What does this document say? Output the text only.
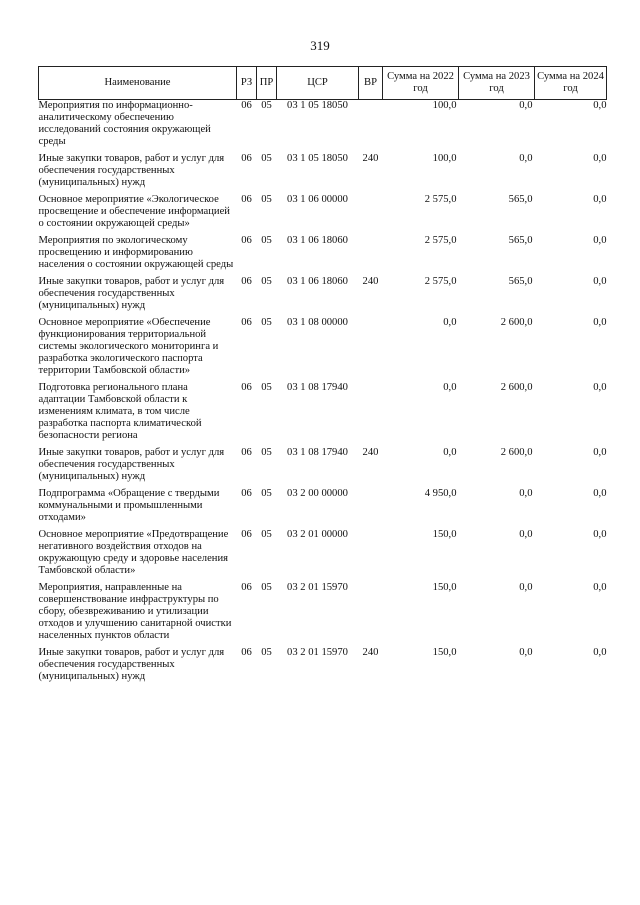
319
Наименование	РЗ	ПР	ЦСР	ВР	Сумма на 2022 год	Сумма на 2023 год	Сумма на 2024 год
Мероприятия по информационно-аналитическому обеспечению исследований состояния окружающей среды	06	05	03 1 05 18050		100,0	0,0	0,0
Иные закупки товаров, работ и услуг для обеспечения государственных (муниципальных) нужд	06	05	03 1 05 18050	240	100,0	0,0	0,0
Основное мероприятие «Экологическое просвещение и обеспечение информацией о состоянии окружающей среды»	06	05	03 1 06 00000		2 575,0	565,0	0,0
Мероприятия по экологическому просвещению и информированию населения о состоянии окружающей среды	06	05	03 1 06 18060		2 575,0	565,0	0,0
Иные закупки товаров, работ и услуг для обеспечения государственных (муниципальных) нужд	06	05	03 1 06 18060	240	2 575,0	565,0	0,0
Основное мероприятие «Обеспечение функционирования территориальной системы экологического мониторинга и разработка экологического паспорта территории Тамбовской области»	06	05	03 1 08 00000		0,0	2 600,0	0,0
Подготовка регионального плана адаптации Тамбовской области к изменениям климата, в том числе разработка паспорта климатической безопасности региона	06	05	03 1 08 17940		0,0	2 600,0	0,0
Иные закупки товаров, работ и услуг для обеспечения государственных (муниципальных) нужд	06	05	03 1 08 17940	240	0,0	2 600,0	0,0
Подпрограмма «Обращение с твердыми коммунальными и промышленными отходами»	06	05	03 2 00 00000		4 950,0	0,0	0,0
Основное мероприятие «Предотвращение негативного воздействия отходов на окружающую среду и здоровье населения Тамбовской области»	06	05	03 2 01 00000		150,0	0,0	0,0
Мероприятия, направленные на совершенствование инфраструктуры по сбору, обезвреживанию и утилизации отходов и улучшению санитарной очистки населенных пунктов области	06	05	03 2 01 15970		150,0	0,0	0,0
Иные закупки товаров, работ и услуг для обеспечения государственных (муниципальных) нужд	06	05	03 2 01 15970	240	150,0	0,0	0,0
